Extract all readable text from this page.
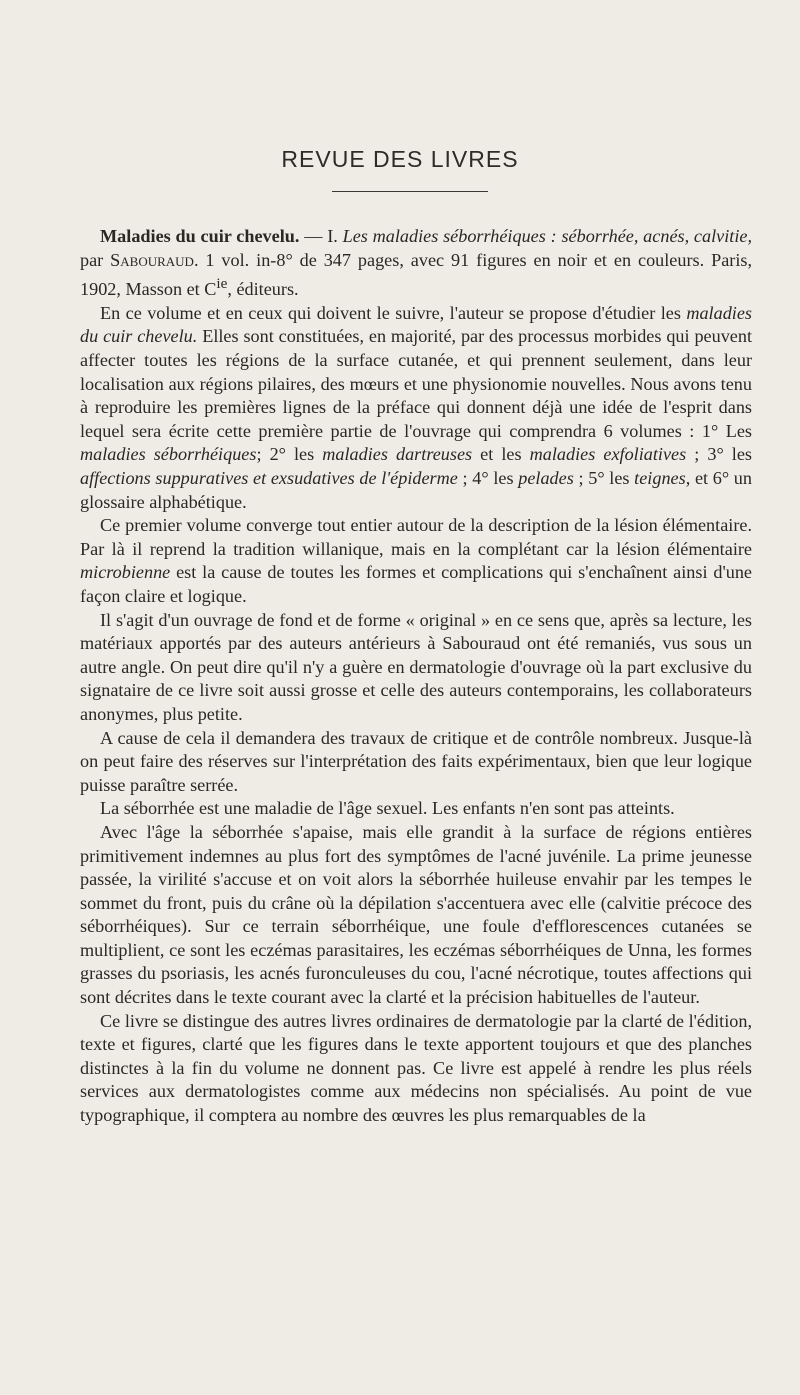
REVUE DES LIVRES

Maladies du cuir chevelu. — I. Les maladies séborrhéiques : séborrhée, acnés, calvitie, par Sabouraud. 1 vol. in-8° de 347 pages, avec 91 figures en noir et en couleurs. Paris, 1902, Masson et $C^{ie}$, éditeurs.

En ce volume et en ceux qui doivent le suivre, l'auteur se propose d'étudier les maladies du cuir chevelu. Elles sont constituées, en majorité, par des processus morbides qui peuvent affecter toutes les régions de la surface cutanée, et qui prennent seulement, dans leur localisation aux régions pilaires, des mœurs et une physionomie nouvelles. Nous avons tenu à reproduire les premières lignes de la préface qui donnent déjà une idée de l'esprit dans lequel sera écrite cette première partie de l'ouvrage qui comprendra 6 volumes : 1° Les maladies séborrhéiques; 2° les maladies dartreuses et les maladies exfoliatives ; 3° les affections suppuratives et exsudatives de l'épiderme ; 4° les pelades ; 5° les teignes, et 6° un glossaire alphabétique.

Ce premier volume converge tout entier autour de la description de la lésion élémentaire. Par là il reprend la tradition willanique, mais en la complétant car la lésion élémentaire microbienne est la cause de toutes les formes et complications qui s'enchaînent ainsi d'une façon claire et logique.

Il s'agit d'un ouvrage de fond et de forme « original » en ce sens que, après sa lecture, les matériaux apportés par des auteurs antérieurs à Sabouraud ont été remaniés, vus sous un autre angle. On peut dire qu'il n'y a guère en dermatologie d'ouvrage où la part exclusive du signataire de ce livre soit aussi grosse et celle des auteurs contemporains, les collaborateurs anonymes, plus petite.

A cause de cela il demandera des travaux de critique et de contrôle nombreux. Jusque-là on peut faire des réserves sur l'interprétation des faits expérimentaux, bien que leur logique puisse paraître serrée.

La séborrhée est une maladie de l'âge sexuel. Les enfants n'en sont pas atteints.

Avec l'âge la séborrhée s'apaise, mais elle grandit à la surface de régions entières primitivement indemnes au plus fort des symptômes de l'acné juvénile. La prime jeunesse passée, la virilité s'accuse et on voit alors la séborrhée huileuse envahir par les tempes le sommet du front, puis du crâne où la dépilation s'accentuera avec elle (calvitie précoce des séborrhéiques). Sur ce terrain séborrhéique, une foule d'efflorescences cutanées se multiplient, ce sont les eczémas parasitaires, les eczémas séborrhéiques de Unna, les formes grasses du psoriasis, les acnés furonculeuses du cou, l'acné nécrotique, toutes affections qui sont décrites dans le texte courant avec la clarté et la précision habituelles de l'auteur.

Ce livre se distingue des autres livres ordinaires de dermatologie par la clarté de l'édition, texte et figures, clarté que les figures dans le texte apportent toujours et que des planches distinctes à la fin du volume ne donnent pas. Ce livre est appelé à rendre les plus réels services aux dermatologistes comme aux médecins non spécialisés. Au point de vue typographique, il comptera au nombre des œuvres les plus remarquables de la
